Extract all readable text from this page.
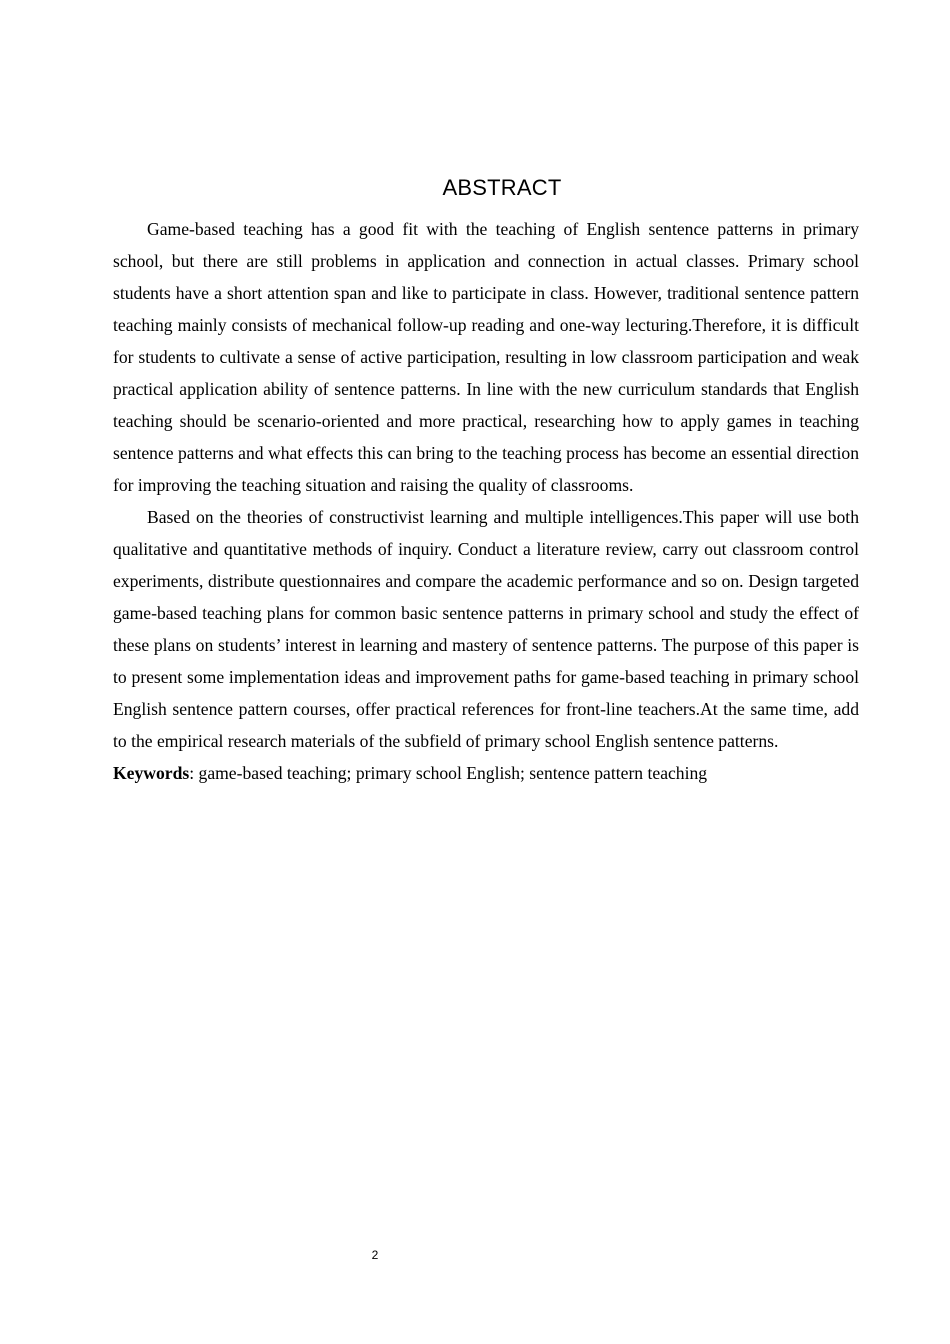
ABSTRACT

Game-based teaching has a good fit with the teaching of English sentence patterns in primary school, but there are still problems in application and connection in actual classes. Primary school students have a short attention span and like to participate in class. However, traditional sentence pattern teaching mainly consists of mechanical follow-up reading and one-way lecturing.Therefore, it is difficult for students to cultivate a sense of active participation, resulting in low classroom participation and weak practical application ability of sentence patterns. In line with the new curriculum standards that English teaching should be scenario-oriented and more practical, researching how to apply games in teaching sentence patterns and what effects this can bring to the teaching process has become an essential direction for improving the teaching situation and raising the quality of classrooms.

Based on the theories of constructivist learning and multiple intelligences.This paper will use both qualitative and quantitative methods of inquiry. Conduct a literature review, carry out classroom control experiments, distribute questionnaires and compare the academic performance and so on. Design targeted game-based teaching plans for common basic sentence patterns in primary school and study the effect of these plans on students’ interest in learning and mastery of sentence patterns. The purpose of this paper is to present some implementation ideas and improvement paths for game-based teaching in primary school English sentence pattern courses, offer practical references for front-line teachers.At the same time, add to the empirical research materials of the subfield of primary school English sentence patterns.

Keywords: game-based teaching; primary school English; sentence pattern teaching

2
